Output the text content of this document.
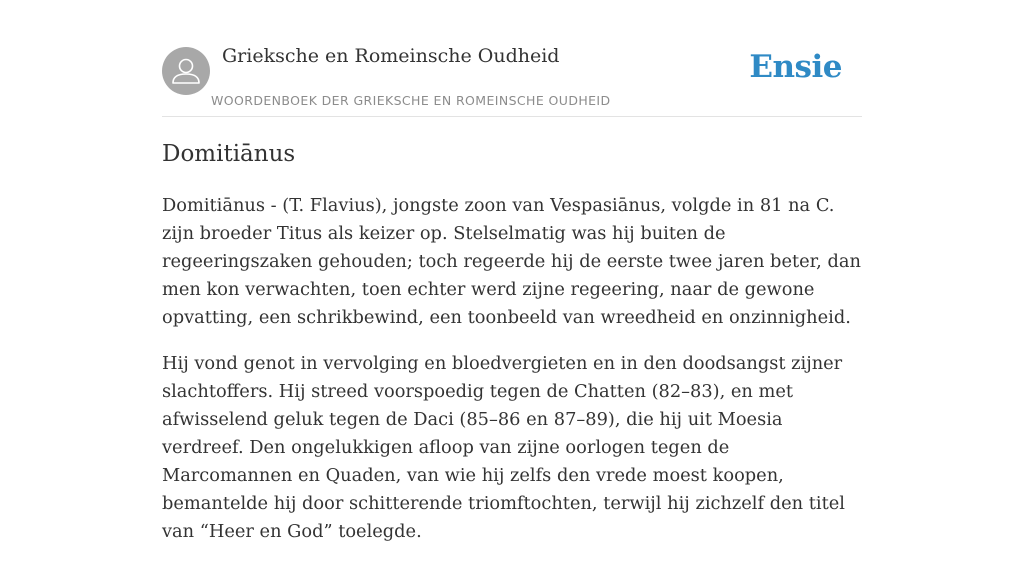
Grieksche en Romeinsche Oudheid
WOORDENBOEK DER GRIEKSCHE EN ROMEINSCHE OUDHEID
Ensie
Domitiānus

Domitiānus - (T. Flavius), jongste zoon van Vespasiānus, volgde in 81 na C. zijn broeder Titus als keizer op. Stelselmatig was hij buiten de regeeringszaken gehouden; toch regeerde hij de eerste twee jaren beter, dan men kon verwachten, toen echter werd zijne regeering, naar de gewone opvatting, een schrikbewind, een toonbeeld van wreedheid en onzinnigheid.

Hij vond genot in vervolging en bloedvergieten en in den doodsangst zijner slachtoffers. Hij streed voorspoedig tegen de Chatten (82–83), en met afwisselend geluk tegen de Daci (85–86 en 87–89), die hij uit Moesia verdreef. Den ongelukkigen afloop van zijne oorlogen tegen de Marcomannen en Quaden, van wie hij zelfs den vrede moest koopen, bemantelde hij door schitterende triomftochten, terwijl hij zichzelf den titel van “Heer en God” toelegde.
